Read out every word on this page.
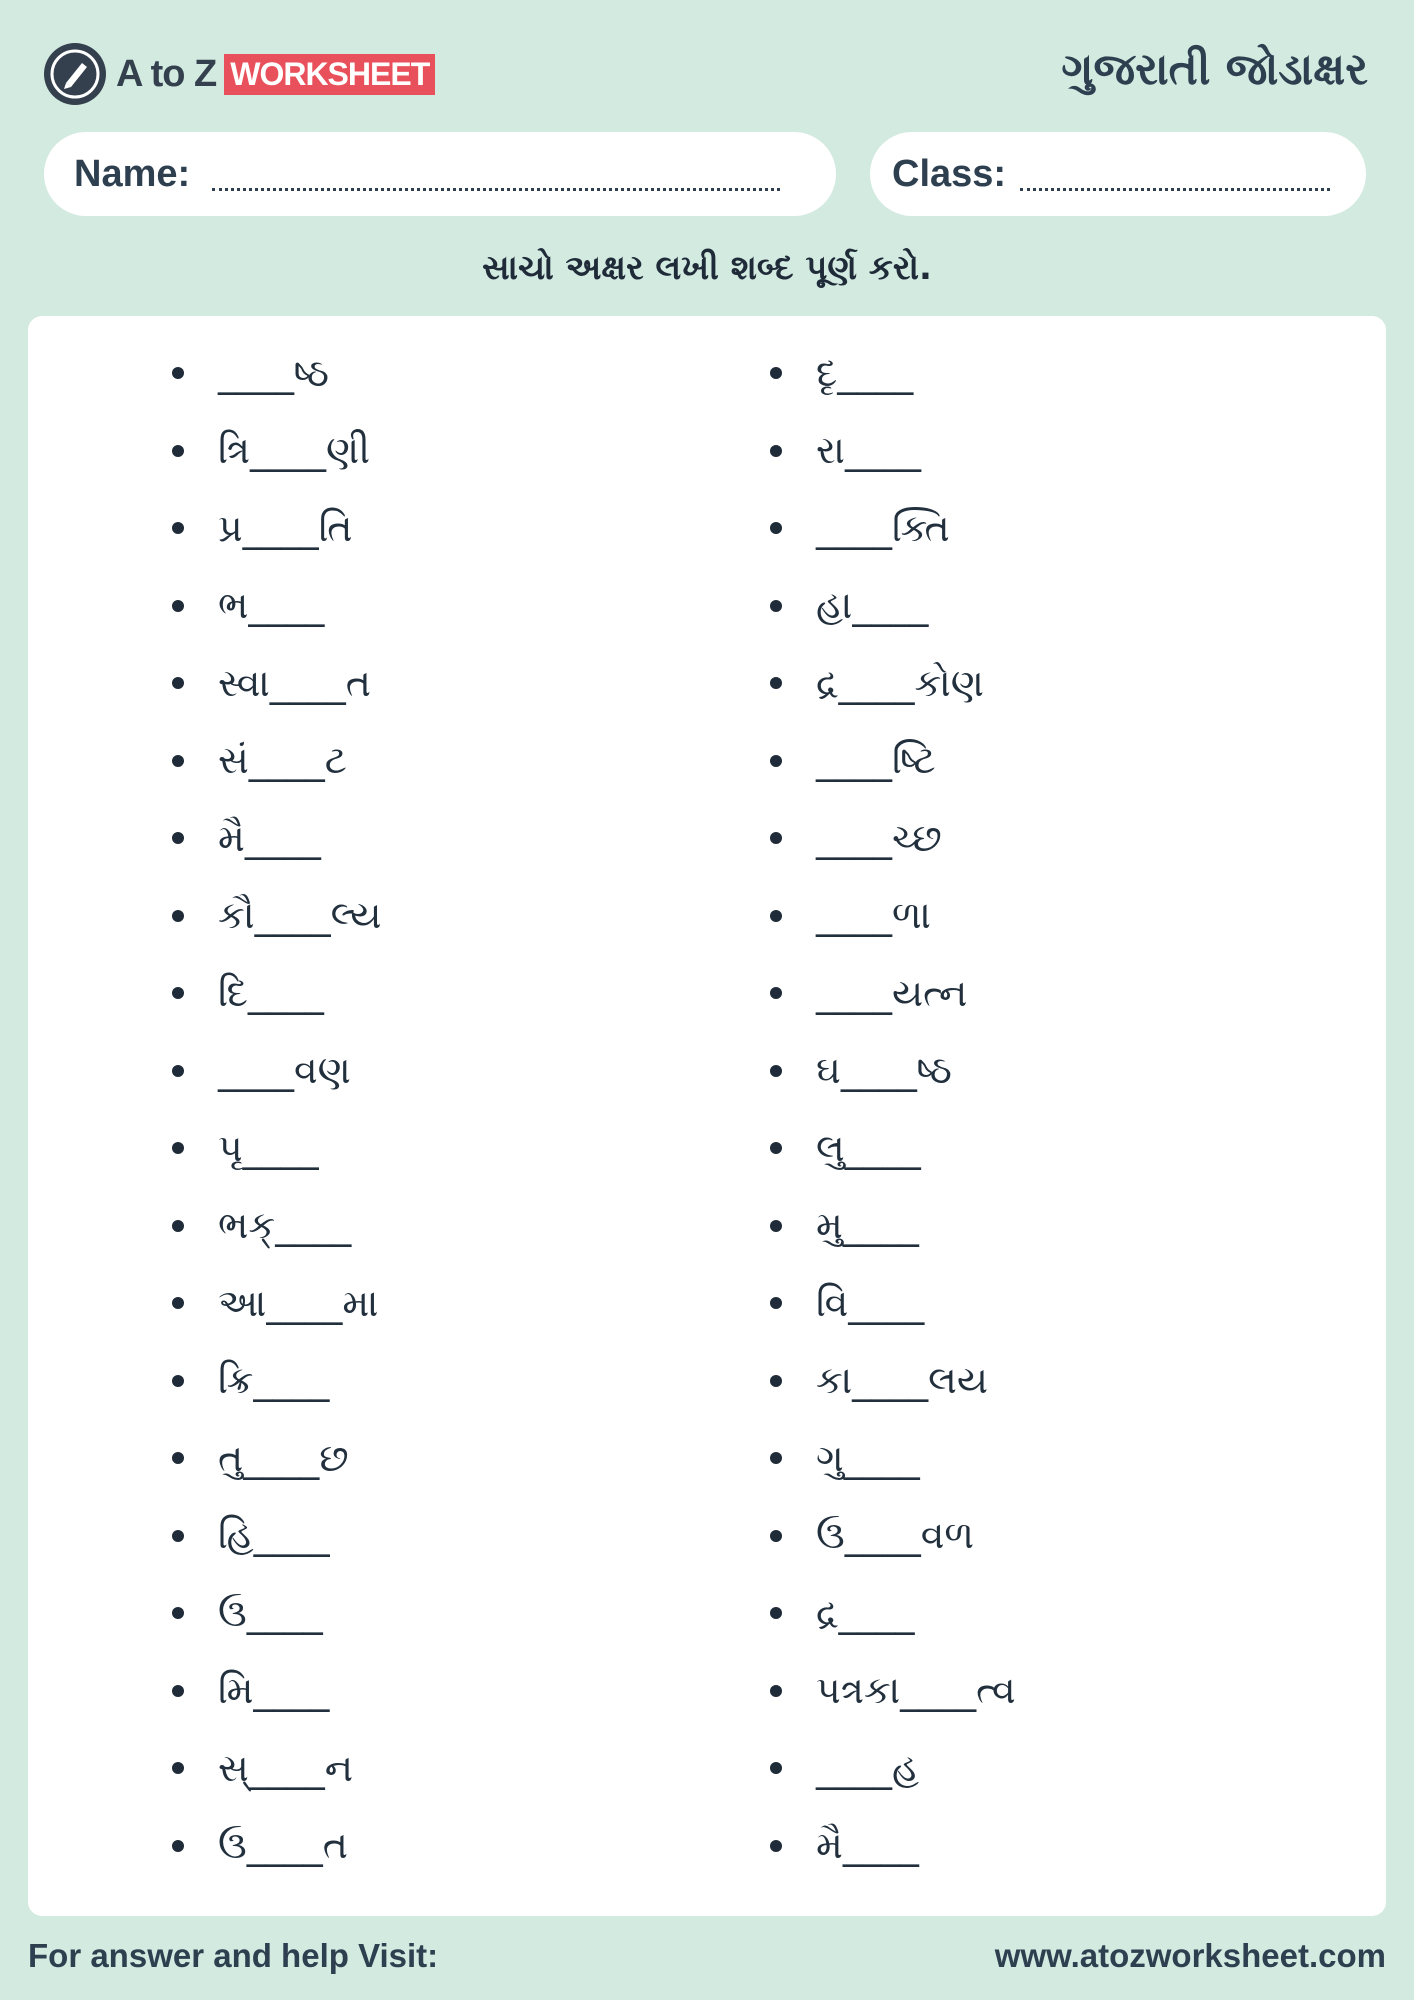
A to Z WORKSHEET	ગુજરાતી જોડાક્ષર
Name:	Class:
સાચો અક્ષર લખી શબ્દ પૂર્ણ કરો.
____ષ્ઠ
ત્રિ____ણી
પ્ર____તિ
ભ____
સ્વા____ત
સં____ટ
મૈ____
કૌ____લ્ય
દિ____
____વણ
પૃ____
ભક્____
આ____મા
ક્રિ____
તુ____છ
હિ____
ઉ____
મિ____
સ્____ન
ઉ____ત
દૃ____
રા____
____ક્તિ
હા____
દ્ર____કોણ
____ષ્ટિ
____ચ્છ
____ળા
____યત્ન
ઘ____ષ્ઠ
લુ____
મુ____
વિ____
કા____લય
ગુ____
ઉ____વળ
દ્ર____
પત્રકા____ત્વ
____હ
મૈ____
For answer and help Visit:	www.atozworksheet.com
